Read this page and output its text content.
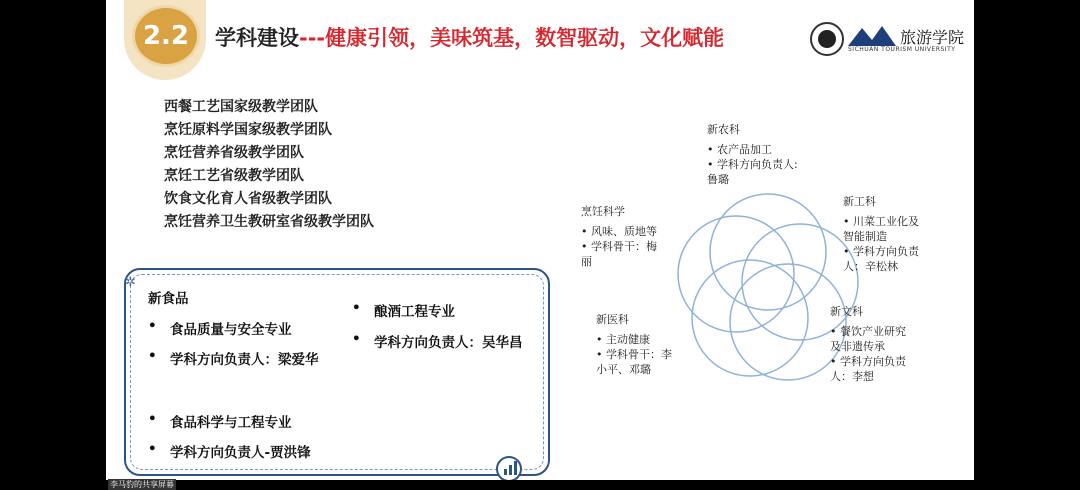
2.2	学科建设---健康引领，美味筑基，数智驱动，文化赋能	旅游学院
SICHUAN TOURISM UNIVERSITY
西餐工艺国家级教学团队
烹饪原料学国家级教学团队
烹饪营养省级教学团队
烹饪工艺省级教学团队
饮食文化育人省级教学团队
烹饪营养卫生教研室省级教学团队
✲
新食品
• 食品质量与安全专业
• 学科方向负责人：梁爱华
• 食品科学与工程专业
• 学科方向负责人-贾洪锋
• 酿酒工程专业
• 学科方向负责人：吴华昌
新农科
• 农产品加工
• 学科方向负责人:
鲁璐
烹饪科学
• 风味、质地等
• 学科骨干：梅
丽
新工科
• 川菜工业化及
智能制造
• 学科方向负责
人：辛松林
新医科
• 主动健康
• 学科骨干：李
小平、邓璐
新文科
• 餐饮产业研究
及非遗传承
• 学科方向负责
人：李想
李马豹的共享屏幕
